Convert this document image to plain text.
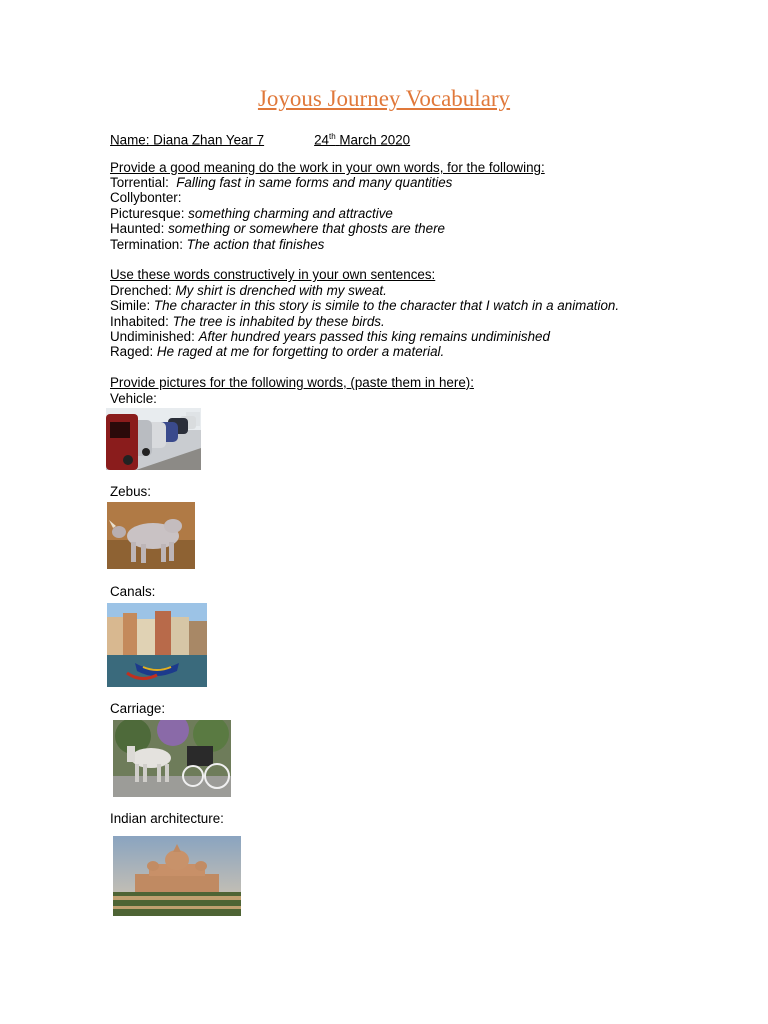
Joyous Journey Vocabulary
Name: Diana Zhan Year 7	24th March 2020
Provide a good meaning do the work in your own words, for the following:
Torrential: Falling fast in same forms and many quantities
Collybonter:
Picturesque: something charming and attractive
Haunted: something or somewhere that ghosts are there
Termination: The action that finishes
Use these words constructively in your own sentences:
Drenched: My shirt is drenched with my sweat.
Simile: The character in this story is simile to the character that I watch in a animation.
Inhabited: The tree is inhabited by these birds.
Undiminished: After hundred years passed this king remains undiminished
Raged: He raged at me for forgetting to order a material.
Provide pictures for the following words, (paste them in here):
Vehicle:
Zebus:
Canals:
Carriage:
Indian architecture:
